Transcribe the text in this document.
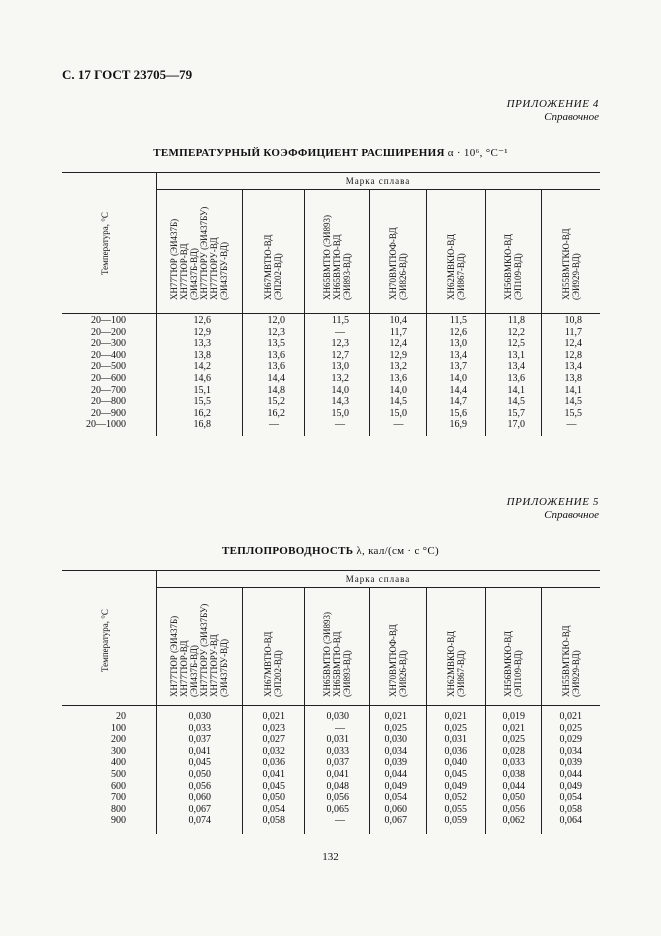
С. 17 ГОСТ 23705—79
ПРИЛОЖЕНИЕ 4
Справочное
ТЕМПЕРАТУРНЫЙ КОЭФФИЦИЕНТ РАСШИРЕНИЯ α · 10⁶, °С⁻¹
Марка сплава
Температура, °С	ХН77ТЮР (ЭИ437Б) ХН77ТЮР-ВД (ЭИ437Б-ВД) ХН77ТЮРУ (ЭИ437БУ) ХН77ТЮРУ-ВД (ЭИ437БУ-ВД)	ХН67МВТЮ-ВД (ЭП202-ВД)	ХН65ВМТЮ (ЭИ893) ХН65ВМТЮ-ВД (ЭИ893-ВД)	ХН70ВМТЮФ-ВД (ЭИ826-ВД)	ХН62МВКЮ-ВД (ЭИ867-ВД)	ХН56ВМКЮ-ВД (ЭП109-ВД)	ХН55ВМТКЮ-ВД (ЭИ929-ВД)
20—100	12,6	12,0	11,5	10,4	11,5	11,8	10,8
20—200	12,9	12,3	—	11,7	12,6	12,2	11,7
20—300	13,3	13,5	12,3	12,4	13,0	12,5	12,4
20—400	13,8	13,6	12,7	12,9	13,4	13,1	12,8
20—500	14,2	13,6	13,0	13,2	13,7	13,4	13,4
20—600	14,6	14,4	13,2	13,6	14,0	13,6	13,8
20—700	15,1	14,8	14,0	14,0	14,4	14,1	14,1
20—800	15,5	15,2	14,3	14,5	14,7	14,5	14,5
20—900	16,2	16,2	15,0	15,0	15,6	15,7	15,5
20—1000	16,8	—	—	—	16,9	17,0	—
ПРИЛОЖЕНИЕ 5
Справочное
ТЕПЛОПРОВОДНОСТЬ λ, кал/(см · с °С)
Марка сплава
Температура, °С	ХН77ТЮР (ЭИ437Б) ХН77ТЮР-ВД (ЭИ437Б-ВД) ХН77ТЮРУ (ЭИ437БУ) ХН77ТЮРУ-ВД (ЭИ437БУ-ВД)	ХН67МВТЮ-ВД (ЭП202-ВД)	ХН65ВМТЮ (ЭИ893) ХН65ВМТЮ-ВД (ЭИ893-ВД)	ХН70ВМТЮФ-ВД (ЭИ826-ВД)	ХН62МВКЮ-ВД (ЭИ867-ВД)	ХН56ВМКЮ-ВД (ЭП109-ВД)	ХН55ВМТКЮ-ВД (ЭИ929-ВД)
20	0,030	0,021	0,030	0,021	0,021	0,019	0,021
100	0,033	0,023	—	0,025	0,025	0,021	0,025
200	0,037	0,027	0,031	0,030	0,031	0,025	0,029
300	0,041	0,032	0,033	0,034	0,036	0,028	0,034
400	0,045	0,036	0,037	0,039	0,040	0,033	0,039
500	0,050	0,041	0,041	0,044	0,045	0,038	0,044
600	0,056	0,045	0,048	0,049	0,049	0,044	0,049
700	0,060	0,050	0,056	0,054	0,052	0,050	0,054
800	0,067	0,054	0,065	0,060	0,055	0,056	0,058
900	0,074	0,058	—	0,067	0,059	0,062	0,064
132
